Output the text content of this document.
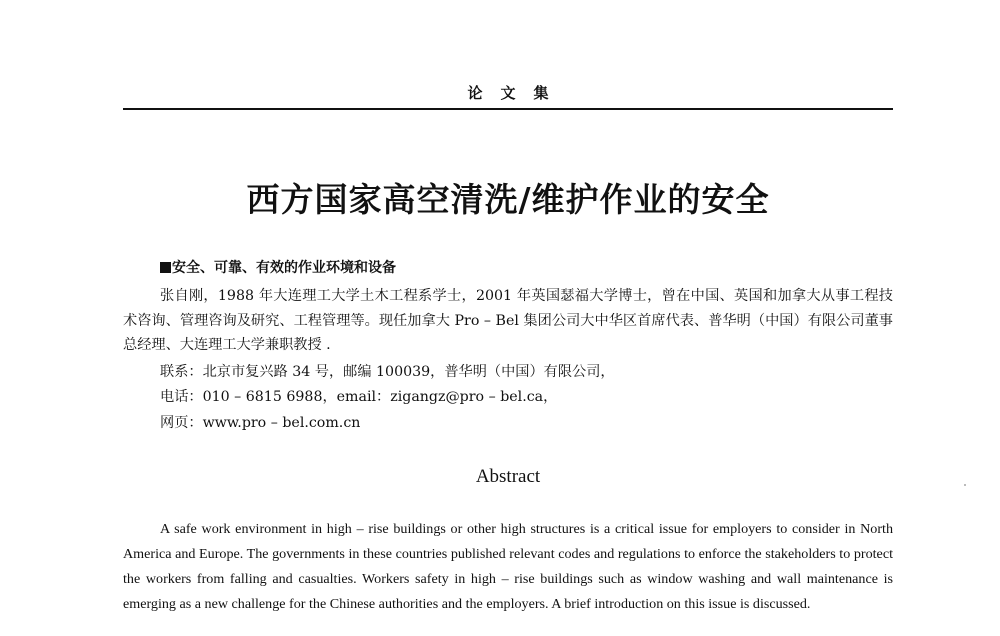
论文集
西方国家高空清洗/维护作业的安全
安全、可靠、有效的作业环境和设备

张自刚，1988 年大连理工大学土木工程系学士，2001 年英国瑟福大学博士，曾在中国、英国和加拿大从事工程技术咨询、管理咨询及研究、工程管理等。现任加拿大 Pro – Bel 集团公司大中华区首席代表、普华明（中国）有限公司董事总经理、大连理工大学兼职教授 .

联系：北京市复兴路 34 号，邮编 100039，普华明（中国）有限公司，
电话：010 – 6815 6988，email：zigangz@pro – bel.ca，
网页：www.pro – bel.com.cn
Abstract

A safe work environment in high – rise buildings or other high structures is a critical issue for employers to consider in North America and Europe. The governments in these countries published relevant codes and regulations to enforce the stakeholders to protect the workers from falling and casualties. Workers safety in high – rise buildings such as window washing and wall maintenance is emerging as a new challenge for the Chinese authorities and the employers. A brief introduction on this issue is discussed.
